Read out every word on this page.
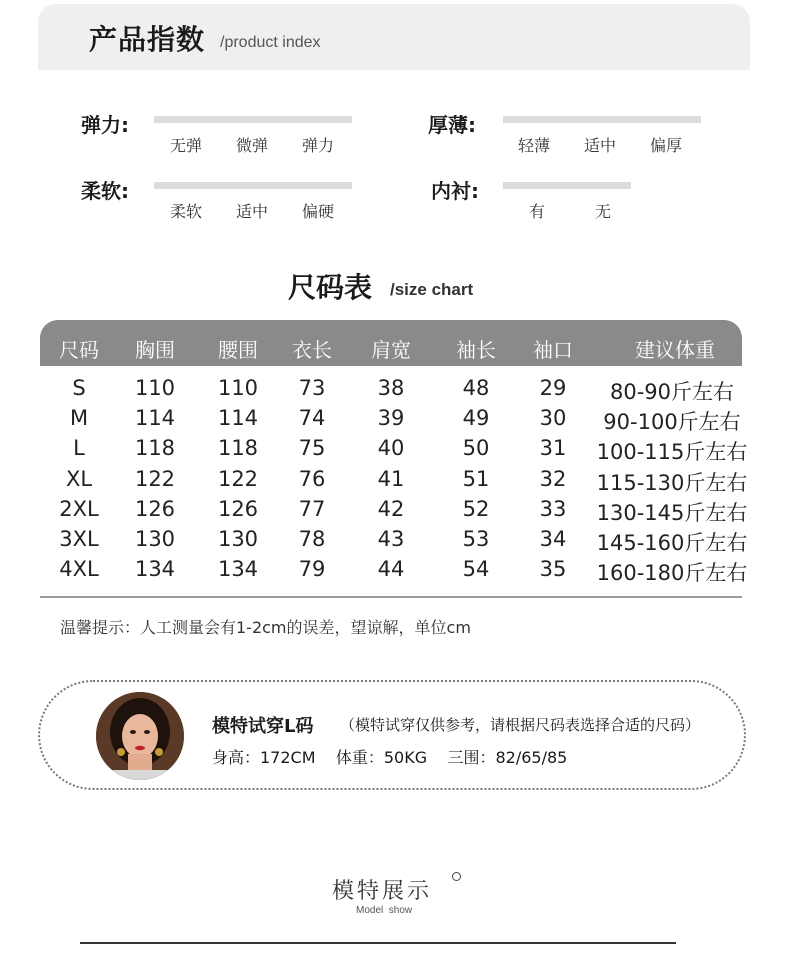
产品指数 /product index
弹力:
无弹 微弹 弹力
厚薄:
轻薄 适中 偏厚
柔软:
柔软 适中 偏硬
内衬:
有	无
尺码表 /size chart
尺码	胸围	腰围	衣长	肩宽	袖长	袖口	建议体重
S	110	110	73	38	48	29	80-90斤左右
M	114	114	74	39	49	30	90-100斤左右
L	118	118	75	40	50	31	100-115斤左右
XL	122	122	76	41	51	32	115-130斤左右
2XL	126	126	77	42	52	33	130-145斤左右
3XL	130	130	78	43	53	34	145-160斤左右
4XL	134	134	79	44	54	35	160-180斤左右
温馨提示：人工测量会有1-2cm的误差，望谅解，单位cm
模特试穿L码 （模特试穿仅供参考，请根据尺码表选择合适的尺码）
身高：172CM    体重：50KG    三围：82/65/85
模特展示
Model  show
